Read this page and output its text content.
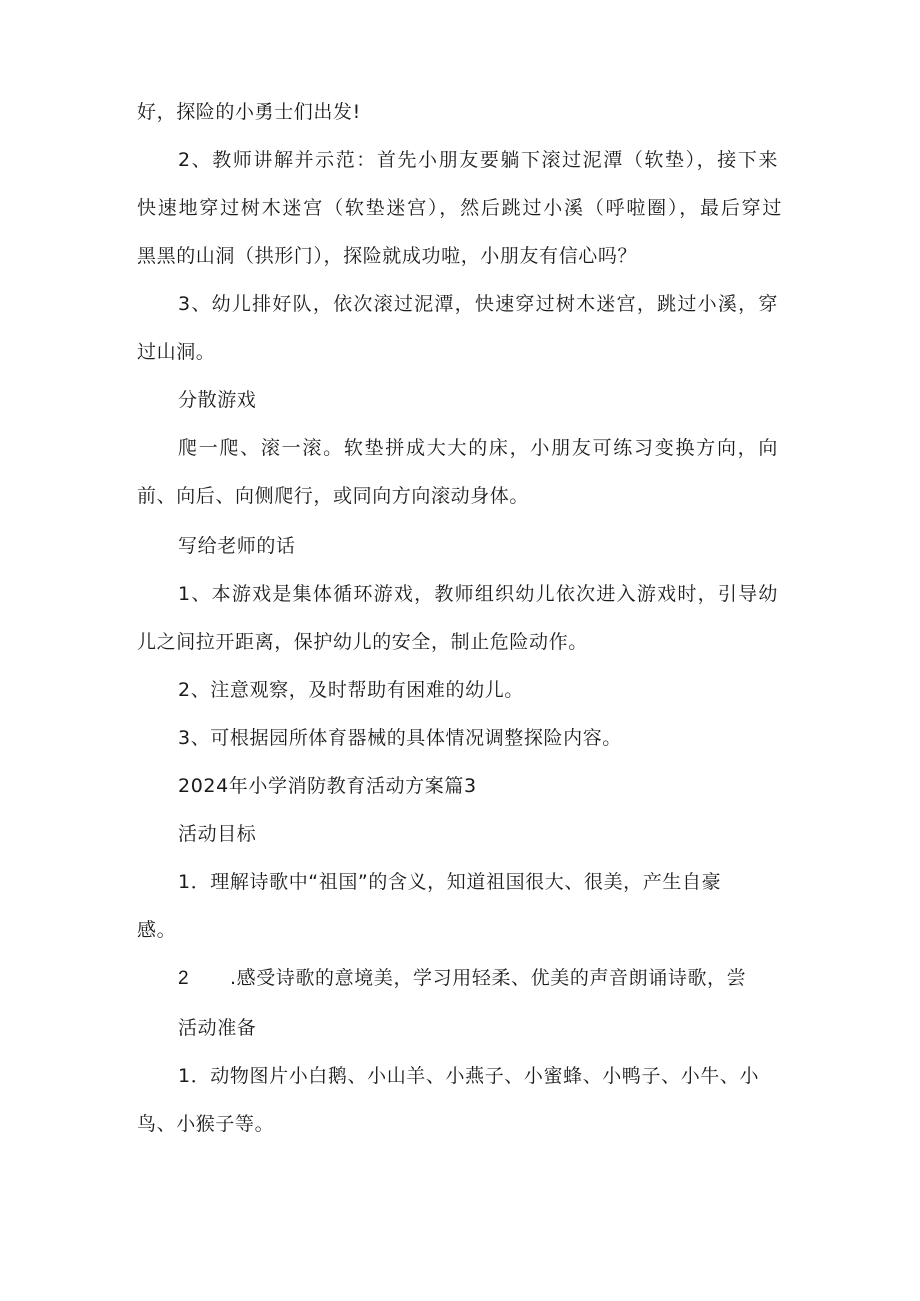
好，探险的小勇士们出发!
2、教师讲解并示范：首先小朋友要躺下滚过泥潭（软垫），接下来
快速地穿过树木迷宫（软垫迷宫），然后跳过小溪（呼啦圈），最后穿过
黑黑的山洞（拱形门），探险就成功啦，小朋友有信心吗？
3、幼儿排好队，依次滚过泥潭，快速穿过树木迷宫，跳过小溪，穿
过山洞。
分散游戏
爬一爬、滚一滚。软垫拼成大大的床，小朋友可练习变换方向，向
前、向后、向侧爬行，或同向方向滚动身体。
写给老师的话
1、本游戏是集体循环游戏，教师组织幼儿依次进入游戏时，引导幼
儿之间拉开距离，保护幼儿的安全，制止危险动作。
2、注意观察，及时帮助有困难的幼儿。
3、可根据园所体育器械的具体情况调整探险内容。
2024年小学消防教育活动方案篇3
活动目标
1．理解诗歌中“祖国”的含义，知道祖国很大、很美，产生自豪
感。
2 .感受诗歌的意境美，学习用轻柔、优美的声音朗诵诗歌，尝
活动准备
1．动物图片小白鹅、小山羊、小燕子、小蜜蜂、小鸭子、小牛、小
鸟、小猴子等。
